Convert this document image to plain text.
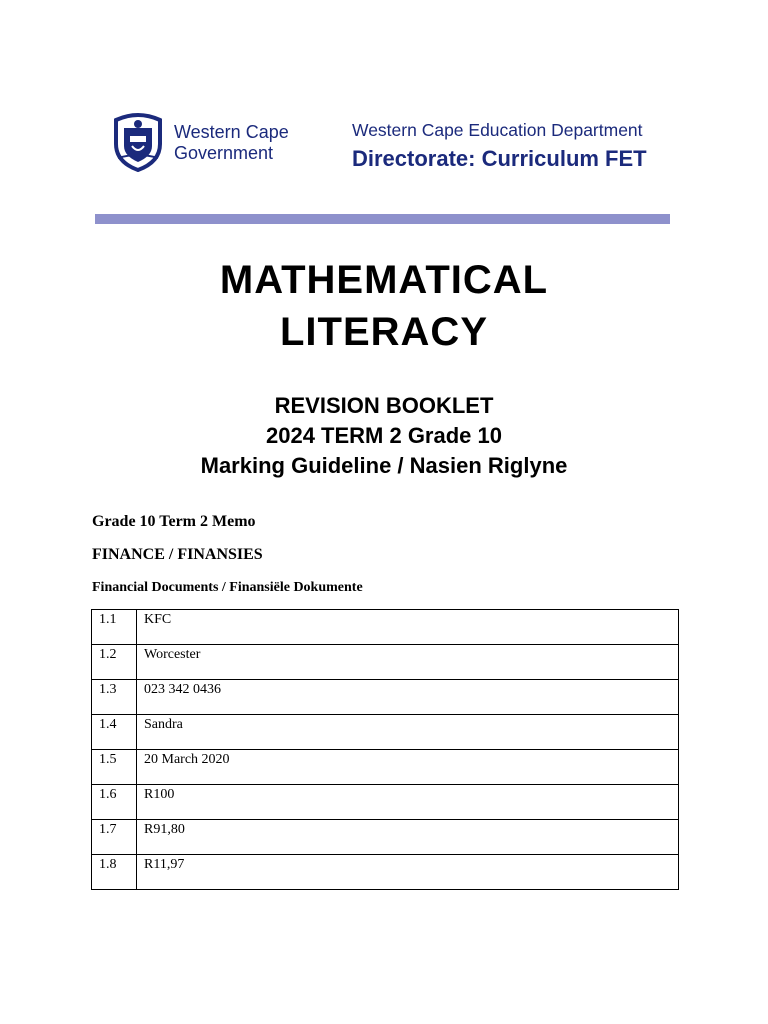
Western Cape
Government
Western Cape Education Department
Directorate: Curriculum FET
MATHEMATICAL
LITERACY
REVISION BOOKLET
2024 TERM 2 Grade 10
Marking Guideline / Nasien Riglyne
Grade 10 Term 2 Memo
FINANCE / FINANSIES
Financial Documents / Finansiële Dokumente
1.1	KFC
1.2	Worcester
1.3	023 342 0436
1.4	Sandra
1.5	20 March 2020
1.6	R100
1.7	R91,80
1.8	R11,97
